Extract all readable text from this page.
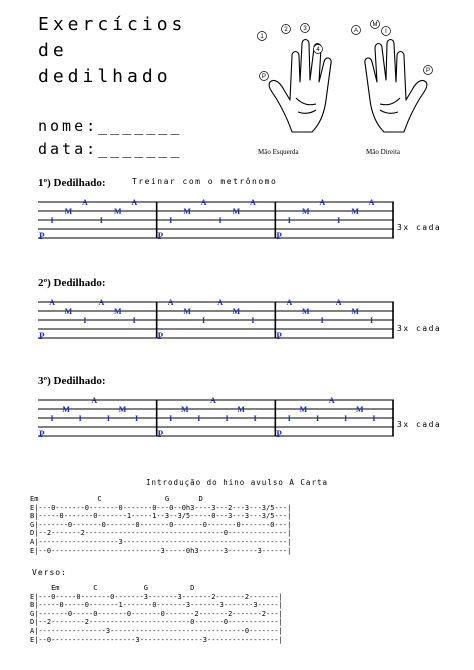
Exercícios
de
dedilhado
nome:_______
data:_______
1
2	3
4
P
A
M
I
P
Mão Esquerda	Mão Direita
1º) Dedilhado:	Treinar com o metrônomo
P
I
M
A
I
M
A
P
I
M
A
I
M
A
P
I
M
A
I
M
A
3x cada
2º) Dedilhado:
P
A
M
I
A
M
I
P
A
M
I
A
M
I
P
A
M
I
A
M
I
3x cada
3º) Dedilhado:
P
I
M
I
A
I
M
I
P
I
M
I
A
I
M
I
P
I
M
I
A
I
M
I
3x cada
Introdução do hino avulso A Carta
Em              C               G       D
E|---0-------0-------0-------0---0--0h3----3---2---3---3/5---|
B|-----0-------0-------1-----1--3--3/5-----0---3---3---3/5---|
G|-------0-------0-------0-------0-------0-------0-------0---|
D|--2-------2---------------------------------0--------------|
A|-------------------3---------------------------------------|
E|--0--------------------------3-----0h3------3-------3------|
Verso:
Em        C           G          D
E|---0-----0-------0-------3-------3-------2-------2-------|
B|-----0-----0-------1-------0-------3-------3-------3-----|
G|-------0-----0-------0-------0-------2-------2-------2---|
D|--2--------2------------------------0-------0------------|
A|----------------3--------------------------------0-------|
E|--0--------------------3---------------3-----------------|
